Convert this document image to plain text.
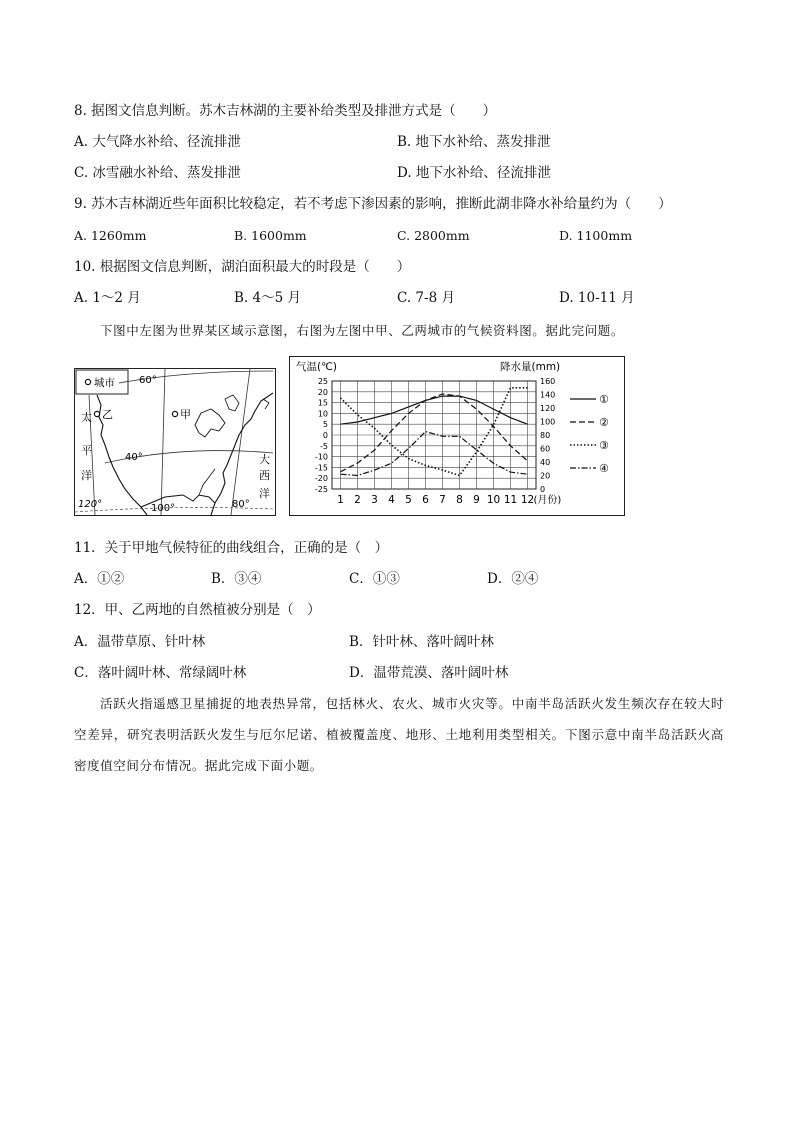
8. 据图文信息判断。苏木吉林湖的主要补给类型及排泄方式是（　　）
A. 大气降水补给、径流排泄	B. 地下水补给、蒸发排泄
C. 冰雪融水补给、蒸发排泄	D. 地下水补给、径流排泄
9. 苏木吉林湖近些年面积比较稳定，若不考虑下渗因素的影响，推断此湖非降水补给量约为（　　）
A. 1260mm	B. 1600mm	C. 2800mm	D. 1100mm
10. 根据图文信息判断，湖泊面积最大的时段是（　　）
A. 1～2 月	B. 4～5 月	C. 7-8 月	D. 10-11 月
下图中左图为世界某区域示意图，右图为左图中甲、乙两城市的气候资料图。据此完问题。
城市
乙	甲
60°
40°
120°	100°	80°
太
平
洋
大
西
洋
气温(℃)	降水量(mm)
25
20
15
10
5
0
-5
-10
-15
-20
-25
160
140
120
100
80
60
40
20
0
1 2 3 4 5 6 7 8 9 10 11 12 (月份)
①
②
③
④
11．关于甲地气候特征的曲线组合，正确的是（　）
A．①②	B．③④	C．①③	D．②④
12．甲、乙两地的自然植被分别是（　）
A．温带草原、针叶林	B．针叶林、落叶阔叶林
C．落叶阔叶林、常绿阔叶林	D．温带荒漠、落叶阔叶林
活跃火指遥感卫星捕捉的地表热异常，包括林火、农火、城市火灾等。中南半岛活跃火发生频次存在较大时空差异，研究表明活跃火发生与厄尔尼诺、植被覆盖度、地形、土地利用类型相关。下图示意中南半岛活跃火高密度值空间分布情况。据此完成下面小题。
